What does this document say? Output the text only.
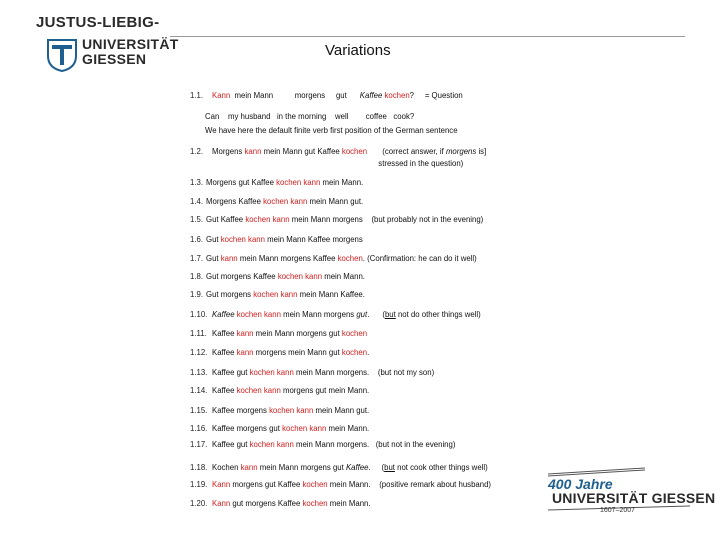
JUSTUS-LIEBIG-
UNIVERSITÄT
GIESSEN	Variations
1.1. Kann  mein Mann          morgens     gut      Kaffee kochen?     = Question
Can    my husband   in the morning    well        coffee   cook?
We have here the default finite verb first position of the German sentence
1.2. Morgens kann mein Mann gut Kaffee kochen       (correct answer, if morgens is]
stressed in the question)
1.3. Morgens gut Kaffee kochen kann mein Mann.
1.4. Morgens Kaffee kochen kann mein Mann gut.
1.5. Gut Kaffee kochen kann mein Mann morgens    (but probably not in the evening)
1.6. Gut kochen kann mein Mann Kaffee morgens
1.7. Gut kann mein Mann morgens Kaffee kochen. (Confirmation: he can do it well)
1.8. Gut morgens Kaffee kochen kann mein Mann.
1.9. Gut morgens kochen kann mein Mann Kaffee.
1.10. Kaffee kochen kann mein Mann morgens gut.      (but not do other things well)
1.11. Kaffee kann mein Mann morgens gut kochen
1.12. Kaffee kann morgens mein Mann gut kochen.
1.13. Kaffee gut kochen kann mein Mann morgens.    (but not my son)
1.14. Kaffee kochen kann morgens gut mein Mann.
1.15. Kaffee morgens kochen kann mein Mann gut.
1.16. Kaffee morgens gut kochen kann mein Mann.
1.17. Kaffee gut kochen kann mein Mann morgens.   (but not in the evening)
1.18. Kochen kann mein Mann morgens gut Kaffee.     (but not cook other things well)
1.19. Kann morgens gut Kaffee kochen mein Mann.    (positive remark about husband)
1.20. Kann gut morgens Kaffee kochen mein Mann.
400 Jahre
UNIVERSITÄT GIESSEN
1607–2007
